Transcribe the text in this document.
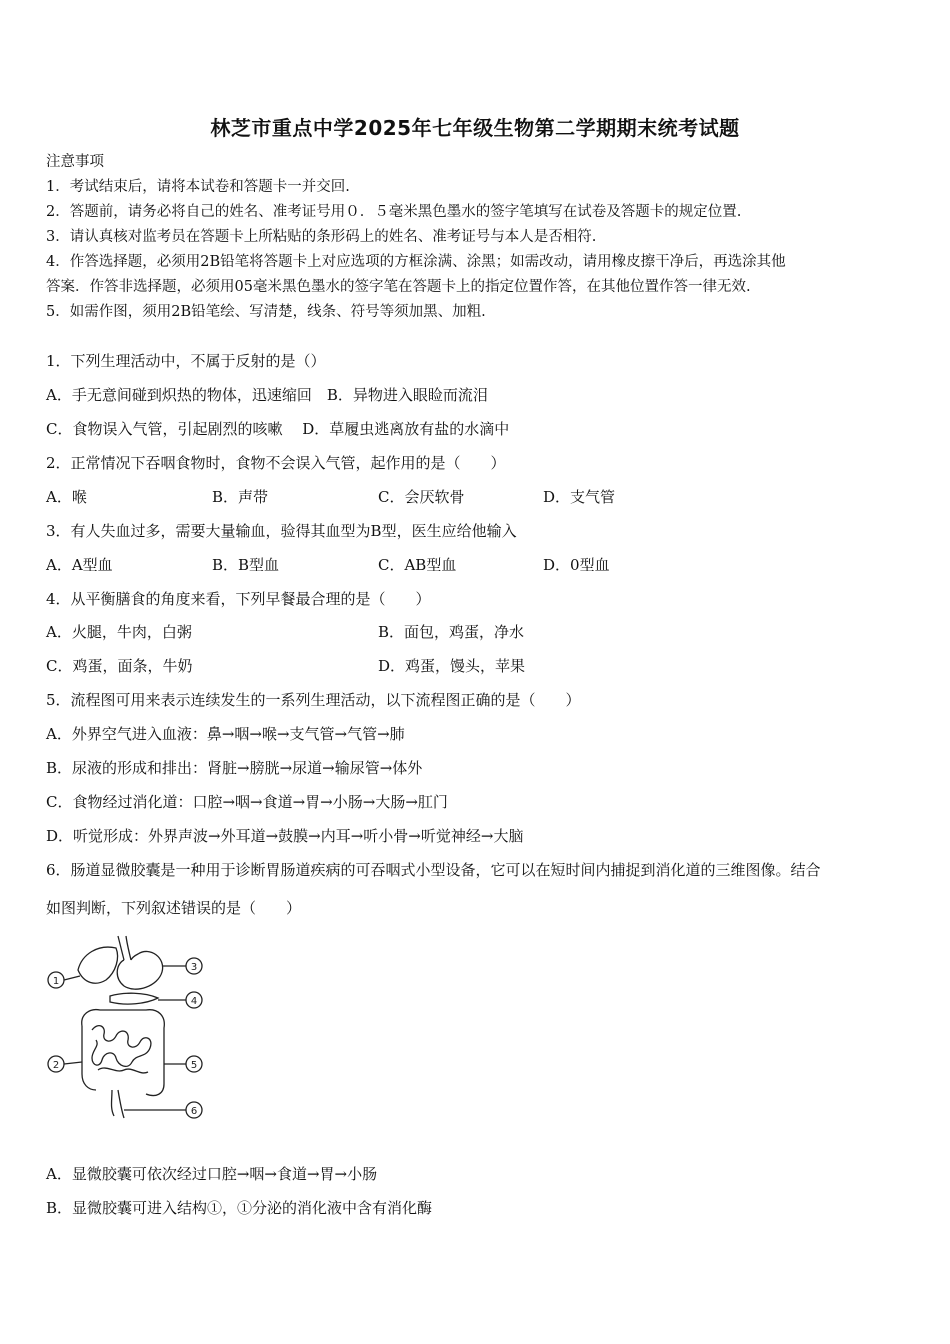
林芝市重点中学2025年七年级生物第二学期期末统考试题
注意事项
1．考试结束后，请将本试卷和答题卡一并交回.
2．答题前，请务必将自己的姓名、准考证号用０．５毫米黑色墨水的签字笔填写在试卷及答题卡的规定位置.
3．请认真核对监考员在答题卡上所粘贴的条形码上的姓名、准考证号与本人是否相符.
4．作答选择题，必须用2B铅笔将答题卡上对应选项的方框涂满、涂黑；如需改动，请用橡皮擦干净后，再选涂其他
答案．作答非选择题，必须用05毫米黑色墨水的签字笔在答题卡上的指定位置作答，在其他位置作答一律无效.
5．如需作图，须用2B铅笔绘、写清楚，线条、符号等须加黑、加粗.
1．下列生理活动中，不属于反射的是（）
A．手无意间碰到炽热的物体，迅速缩回　B．异物进入眼睑而流泪
C．食物误入气管，引起剧烈的咳嗽　 D．草履虫逃离放有盐的水滴中
2．正常情况下吞咽食物时，食物不会误入气管，起作用的是（　　）
A．喉	B．声带	C．会厌软骨	D．支气管
3．有人失血过多，需要大量输血，验得其血型为B型，医生应给他输入
A．A型血	B．B型血	C．AB型血	D．0型血
4．从平衡膳食的角度来看，下列早餐最合理的是（　　）
A．火腿，牛肉，白粥	B．面包，鸡蛋，净水
C．鸡蛋，面条，牛奶	D．鸡蛋，馒头，苹果
5．流程图可用来表示连续发生的一系列生理活动，以下流程图正确的是（　　）
A．外界空气进入血液：鼻→咽→喉→支气管→气管→肺
B．尿液的形成和排出：肾脏→膀胱→尿道→输尿管→体外
C．食物经过消化道：口腔→咽→食道→胃→小肠→大肠→肛门
D．听觉形成：外界声波→外耳道→鼓膜→内耳→听小骨→听觉神经→大脑
6．肠道显微胶囊是一种用于诊断胃肠道疾病的可吞咽式小型设备，它可以在短时间内捕捉到消化道的三维图像。结合
如图判断，下列叙述错误的是（　　）
1
2
3
4
5
6
A．显微胶囊可依次经过口腔→咽→食道→胃→小肠
B．显微胶囊可进入结构①，①分泌的消化液中含有消化酶
